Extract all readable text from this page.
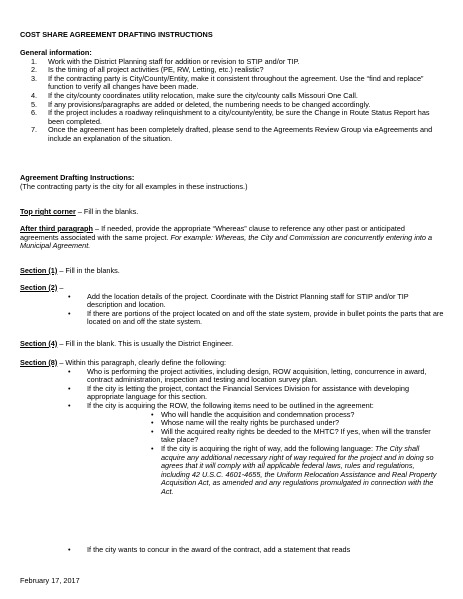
COST SHARE AGREEMENT DRAFTING INSTRUCTIONS
General information:
1. Work with the District Planning staff for addition or revision to STIP and/or TIP.
2. Is the timing of all project activities (PE, RW, Letting, etc.) realistic?
3. If the contracting party is City/County/Entity, make it consistent throughout the agreement. Use the “find and replace” function to verify all changes have been made.
4. If the city/county coordinates utility relocation, make sure the city/county calls Missouri One Call.
5. If any provisions/paragraphs are added or deleted, the numbering needs to be changed accordingly.
6. If the project includes a roadway relinquishment to a city/county/entity, be sure the Change in Route Status Report has been completed.
7. Once the agreement has been completely drafted, please send to the Agreements Review Group via eAgreements and include an explanation of the situation.
Agreement Drafting Instructions:
(The contracting party is the city for all examples in these instructions.)
Top right corner – Fill in the blanks.
After third paragraph – If needed, provide the appropriate “Whereas” clause to reference any other past or anticipated agreements associated with the same project. For example: Whereas, the City and Commission are concurrently entering into a Municipal Agreement.
Section (1) – Fill in the blanks.
Section (2) –
• Add the location details of the project. Coordinate with the District Planning staff for STIP and/or TIP description and location.
• If there are portions of the project located on and off the state system, provide in bullet points the parts that are located on and off the state system.
Section (4) – Fill in the blank. This is usually the District Engineer.
Section (8) – Within this paragraph, clearly define the following:
• Who is performing the project activities, including design, ROW acquisition, letting, concurrence in award, contract administration, inspection and testing and location survey plan.
• If the city is letting the project, contact the Financial Services Division for assistance with developing appropriate language for this section.
• If the city is acquiring the ROW, the following items need to be outlined in the agreement:
• Who will handle the acquisition and condemnation process?
• Whose name will the realty rights be purchased under?
• Will the acquired realty rights be deeded to the MHTC? If yes, when will the transfer take place?
• If the city is acquiring the right of way, add the following language: The City shall acquire any additional necessary right of way required for the project and in doing so agrees that it will comply with all applicable federal laws, rules and regulations, including 42 U.S.C. 4601-4655, the Uniform Relocation Assistance and Real Property Acquisition Act, as amended and any regulations promulgated in connection with the Act.
• If the city wants to concur in the award of the contract, add a statement that reads
February 17, 2017
